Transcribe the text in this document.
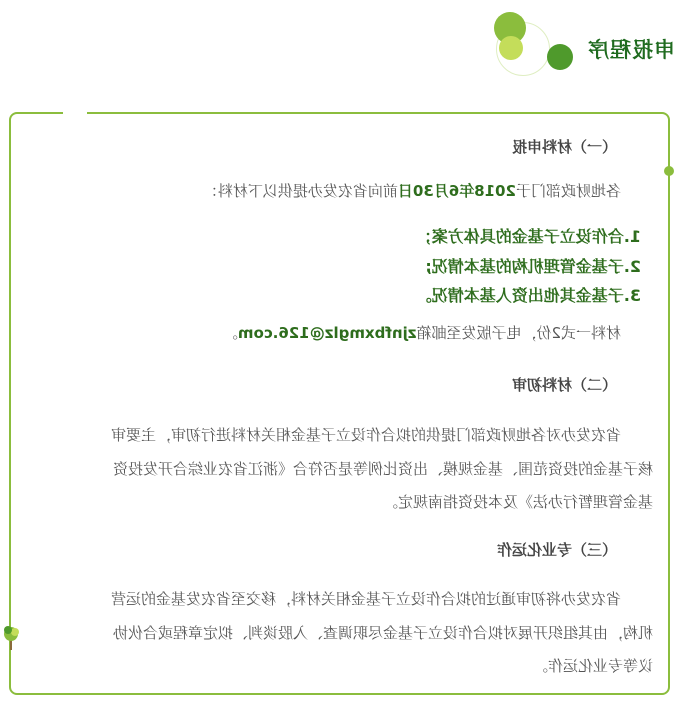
申报程序
（一）材料申报
各地财政部门于2018年6月30日前向省农发办提供以下材料：
1.合作设立子基金的具体方案；
2.子基金管理机构的基本情况;
3.子基金其他出资人基本情况。
材料一式2份，电子版发至邮箱zjnfbxmglz@126.com。
（二）材料初审
省农发办对各地财政部门提供的拟合作设立子基金相关材料进行初审，主要审
核子基金的投资范围、基金规模、出资比例等是否符合《浙江省农业综合开发投资
基金管理暂行办法》及本投资指南规定。
（三）专业化运作
省农发办将初审通过的拟合作设立子基金相关材料，移交至省农发基金的运营
机构，由其组织开展对拟合作设立子基金尽职调查、入股谈判、拟定章程或合伙协
议等专业化运作。
